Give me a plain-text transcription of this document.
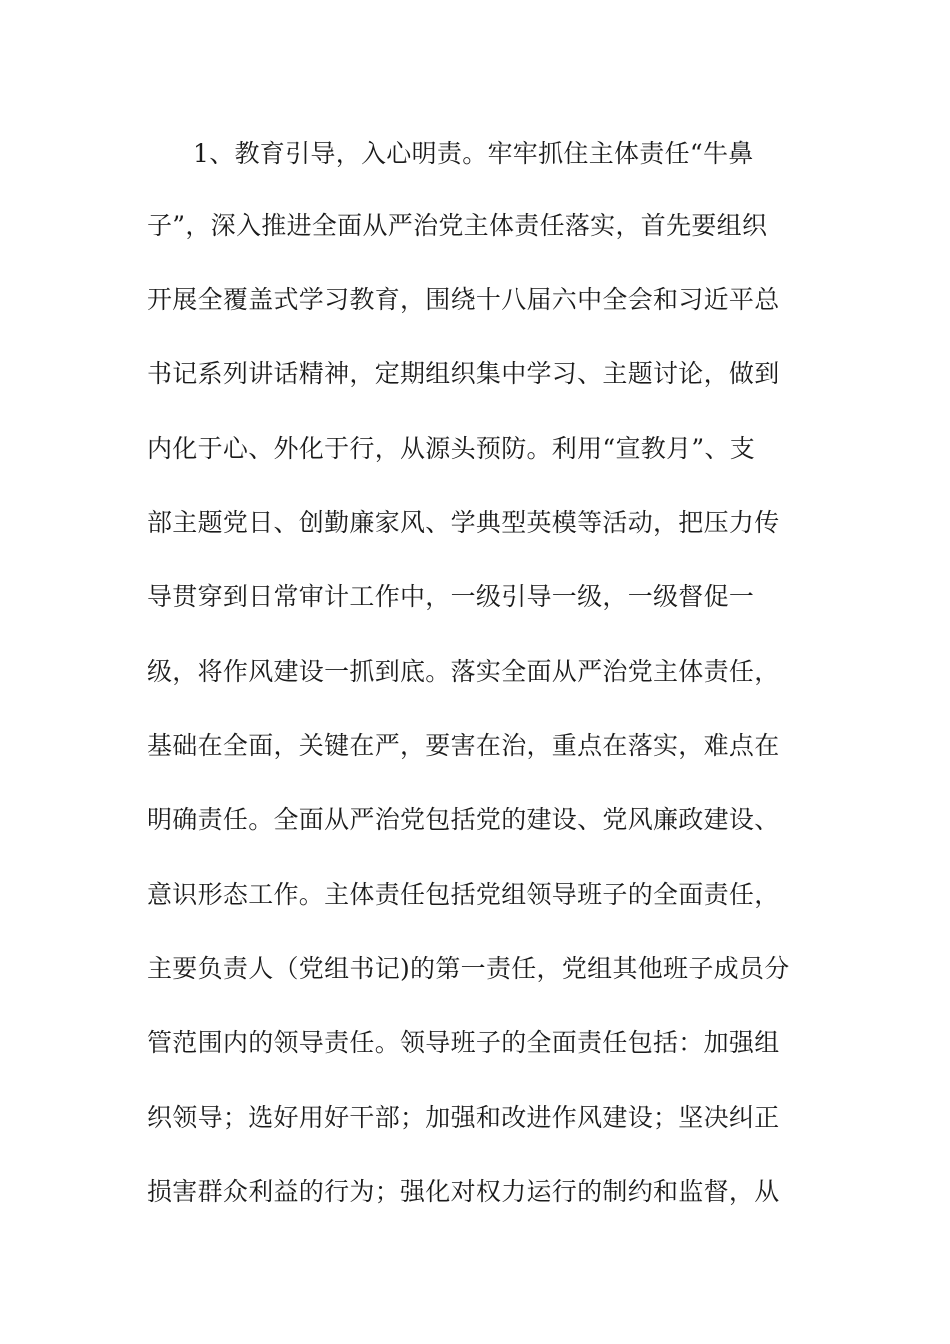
1、教育引导，入心明责。牢牢抓住主体责任“牛鼻
子”，深入推进全面从严治党主体责任落实，首先要组织
开展全覆盖式学习教育，围绕十八届六中全会和习近平总
书记系列讲话精神，定期组织集中学习、主题讨论，做到
内化于心、外化于行，从源头预防。利用“宣教月”、支
部主题党日、创勤廉家风、学典型英模等活动，把压力传
导贯穿到日常审计工作中，一级引导一级，一级督促一
级，将作风建设一抓到底。落实全面从严治党主体责任，
基础在全面，关键在严，要害在治，重点在落实，难点在
明确责任。全面从严治党包括党的建设、党风廉政建设、
意识形态工作。主体责任包括党组领导班子的全面责任，
主要负责人（党组书记)的第一责任，党组其他班子成员分
管范围内的领导责任。领导班子的全面责任包括：加强组
织领导；选好用好干部；加强和改进作风建设；坚决纠正
损害群众利益的行为；强化对权力运行的制约和监督，从
